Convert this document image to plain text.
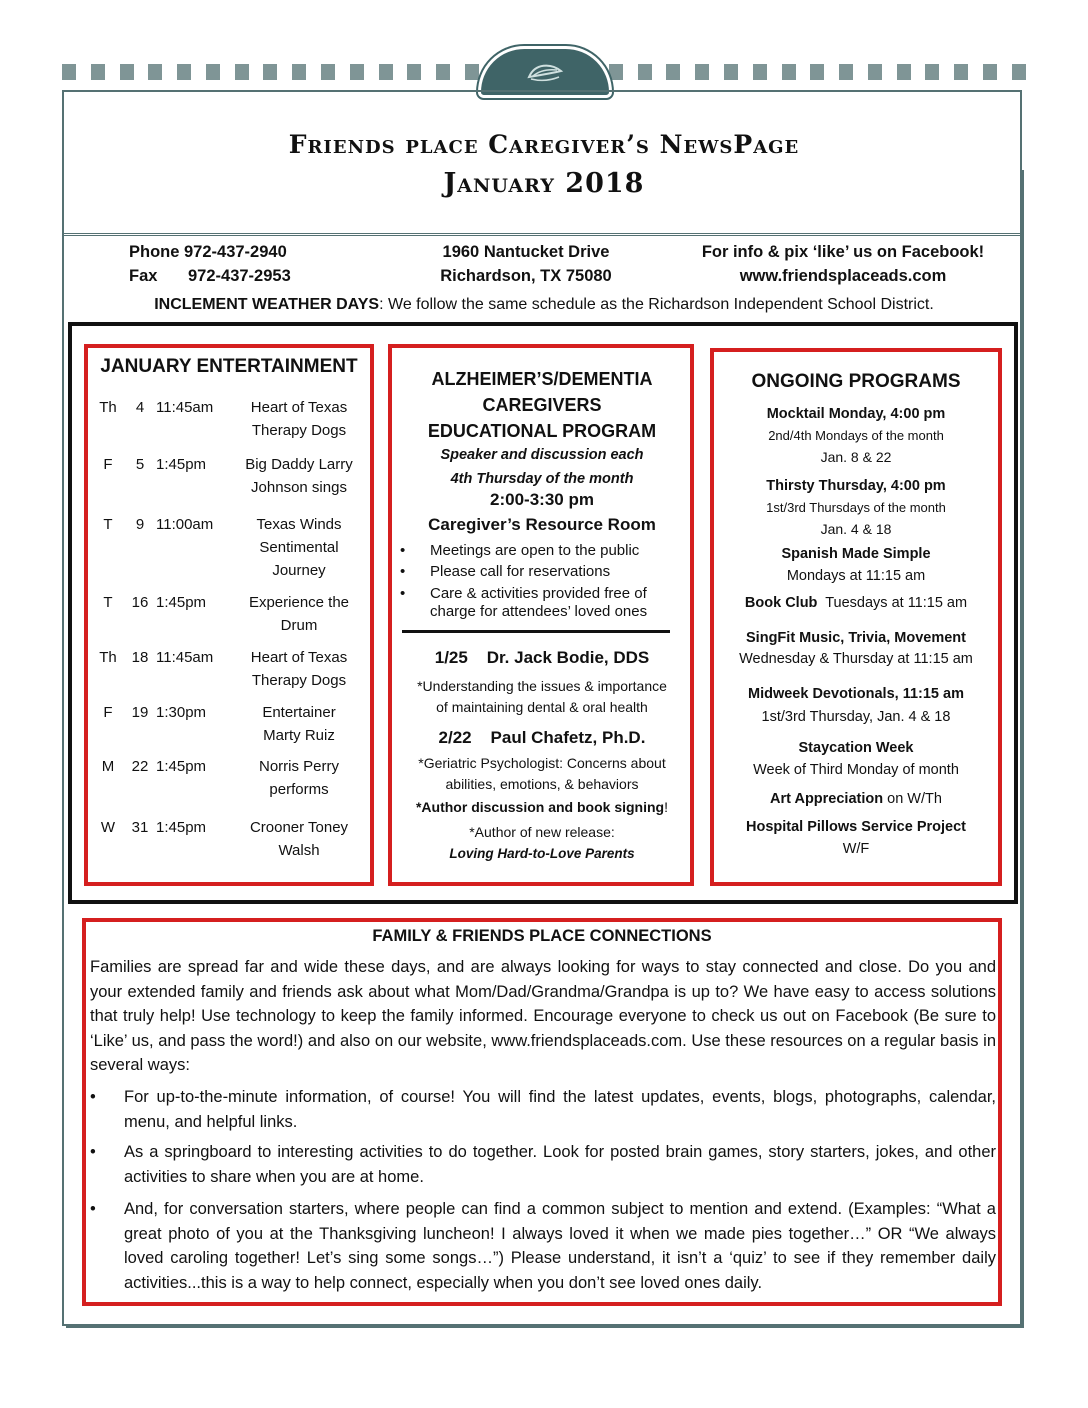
Friends place Caregiver’s NewsPage
January 2018
Phone 972-437-2940
Fax 972-437-2953
1960 Nantucket Drive
Richardson, TX 75080
For info & pix ‘like’ us on Facebook!
www.friendsplaceads.com
INCLEMENT WEATHER DAYS: We follow the same schedule as the Richardson Independent School District.
JANUARY ENTERTAINMENT
Th	4 11:45am	Heart of Texas
Therapy Dogs
F	5 1:45pm	Big Daddy Larry
Johnson sings
T	9 11:00am	Texas Winds
Sentimental
Journey
T	16 1:45pm	Experience the
Drum
Th 18 11:45am	Heart of Texas
Therapy Dogs
F	19 1:30pm	Entertainer
Marty Ruiz
M	22 1:45pm	Norris Perry
performs
W	31 1:45pm	Crooner Toney
Walsh
ALZHEIMER’S/DEMENTIA
CAREGIVERS
EDUCATIONAL PROGRAM
Speaker and discussion each
4th Thursday of the month
2:00-3:30 pm
Caregiver’s Resource Room
• Meetings are open to the public
• Please call for reservations
• Care & activities provided free of charge for attendees’ loved ones
1/25    Dr. Jack Bodie, DDS
*Understanding the issues & importance
of maintaining dental & oral health
2/22    Paul Chafetz, Ph.D.
*Geriatric Psychologist: Concerns about
abilities, emotions, & behaviors
*Author discussion and book signing!
*Author of new release:
Loving Hard-to-Love Parents
ONGOING PROGRAMS
Mocktail Monday, 4:00 pm
2nd/4th Mondays of the month
Jan. 8 & 22
Thirsty Thursday, 4:00 pm
1st/3rd Thursdays of the month
Jan. 4 & 18
Spanish Made Simple
Mondays at 11:15 am
Book Club  Tuesdays at 11:15 am
SingFit Music, Trivia, Movement
Wednesday & Thursday at 11:15 am
Midweek Devotionals, 11:15 am
1st/3rd Thursday, Jan. 4 & 18
Staycation Week
Week of Third Monday of month
Art Appreciation on W/Th
Hospital Pillows Service Project
W/F
FAMILY & FRIENDS PLACE CONNECTIONS
Families are spread far and wide these days, and are always looking for ways to stay connected and close. Do you and your extended family and friends ask about what Mom/Dad/Grandma/Grandpa is up to? We have easy to access solutions that truly help! Use technology to keep the family informed. Encourage everyone to check us out on Facebook (Be sure to ‘Like’ us, and pass the word!) and also on our website, www.friendsplaceads.com. Use these resources on a regular basis in several ways:
• For up-to-the-minute information, of course! You will find the latest updates, events, blogs, photographs, calendar, menu, and helpful links.
• As a springboard to interesting activities to do together. Look for posted brain games, story starters, jokes, and other activities to share when you are at home.
• And, for conversation starters, where people can find a common subject to mention and extend. (Examples: “What a great photo of you at the Thanksgiving luncheon! I always loved it when we made pies together…” OR “We always loved caroling together! Let’s sing some songs…”) Please understand, it isn’t a ‘quiz’ to see if they remember daily activities...this is a way to help connect, especially when you don’t see loved ones daily.
